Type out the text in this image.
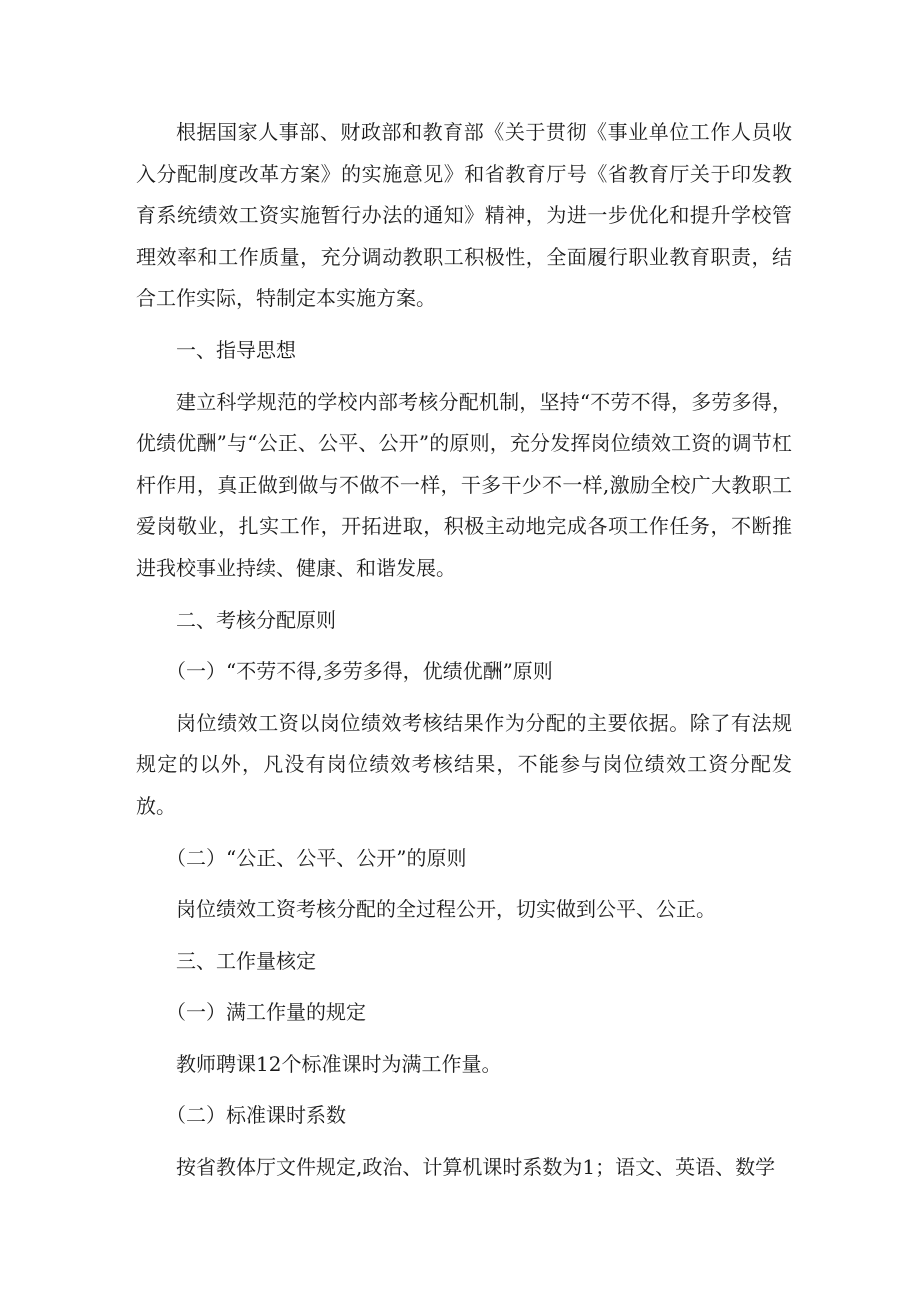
根据国家人事部、财政部和教育部《关于贯彻《事业单位工作人员收入分配制度改革方案》的实施意见》和省教育厅号《省教育厅关于印发教育系统绩效工资实施暂行办法的通知》精神，为进一步优化和提升学校管理效率和工作质量，充分调动教职工积极性，全面履行职业教育职责，结合工作实际，特制定本实施方案。

一、指导思想

建立科学规范的学校内部考核分配机制，坚持“不劳不得，多劳多得，优绩优酬”与“公正、公平、公开”的原则，充分发挥岗位绩效工资的调节杠杆作用，真正做到做与不做不一样，干多干少不一样,激励全校广大教职工爱岗敬业，扎实工作，开拓进取，积极主动地完成各项工作任务，不断推进我校事业持续、健康、和谐发展。

二、考核分配原则

（一）“不劳不得,多劳多得，优绩优酬”原则

岗位绩效工资以岗位绩效考核结果作为分配的主要依据。除了有法规规定的以外，凡没有岗位绩效考核结果，不能参与岗位绩效工资分配发放。

（二）“公正、公平、公开”的原则

岗位绩效工资考核分配的全过程公开，切实做到公平、公正。

三、工作量核定

（一）满工作量的规定

教师聘课12个标准课时为满工作量。

（二）标准课时系数

按省教体厅文件规定,政治、计算机课时系数为1；语文、英语、数学
